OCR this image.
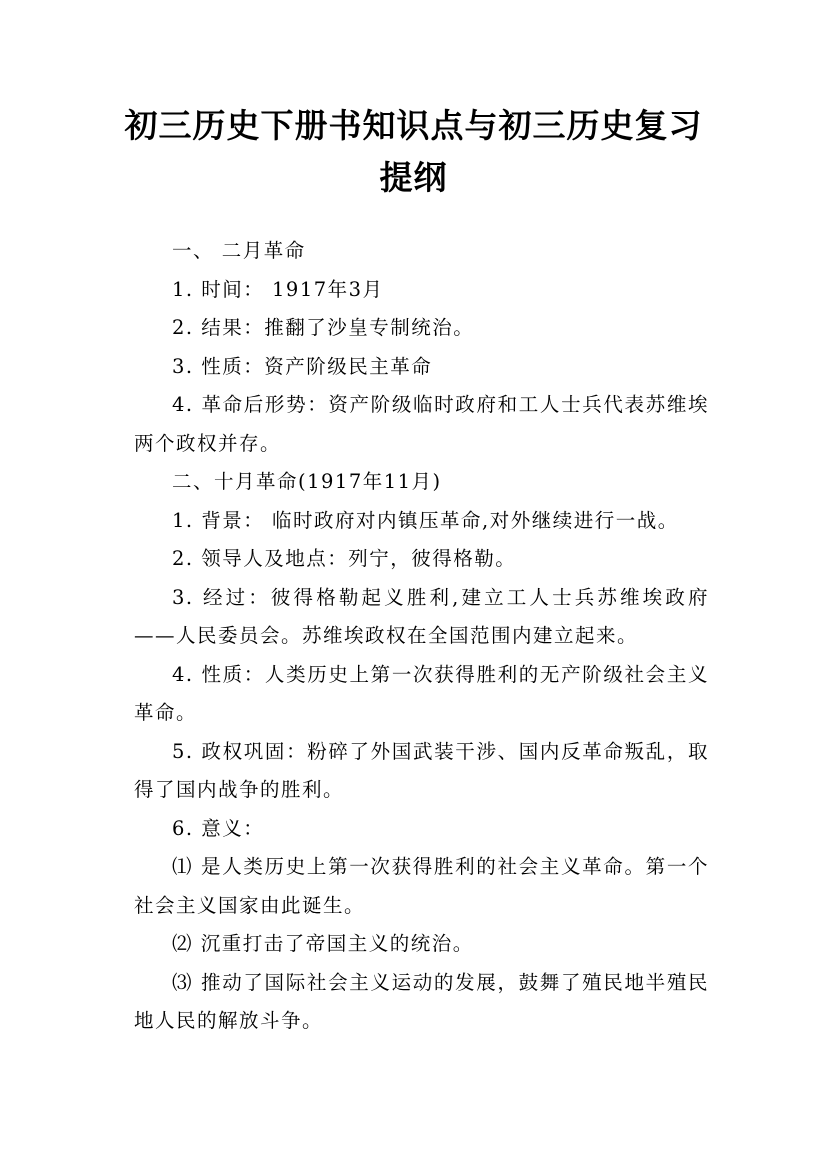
初三历史下册书知识点与初三历史复习提纲

一、 二月革命

1. 时间： 1917年3月

2. 结果：推翻了沙皇专制统治。

3. 性质：资产阶级民主革命

4. 革命后形势：资产阶级临时政府和工人士兵代表苏维埃两个政权并存。

二、十月革命(1917年11月)

1. 背景： 临时政府对内镇压革命,对外继续进行一战。

2. 领导人及地点：列宁，彼得格勒。

3. 经过：彼得格勒起义胜利,建立工人士兵苏维埃政府——人民委员会。苏维埃政权在全国范围内建立起来。

4. 性质：人类历史上第一次获得胜利的无产阶级社会主义革命。

5. 政权巩固：粉碎了外国武装干涉、国内反革命叛乱，取得了国内战争的胜利。

6. 意义：

⑴ 是人类历史上第一次获得胜利的社会主义革命。第一个社会主义国家由此诞生。

⑵ 沉重打击了帝国主义的统治。

⑶ 推动了国际社会主义运动的发展，鼓舞了殖民地半殖民地人民的解放斗争。
